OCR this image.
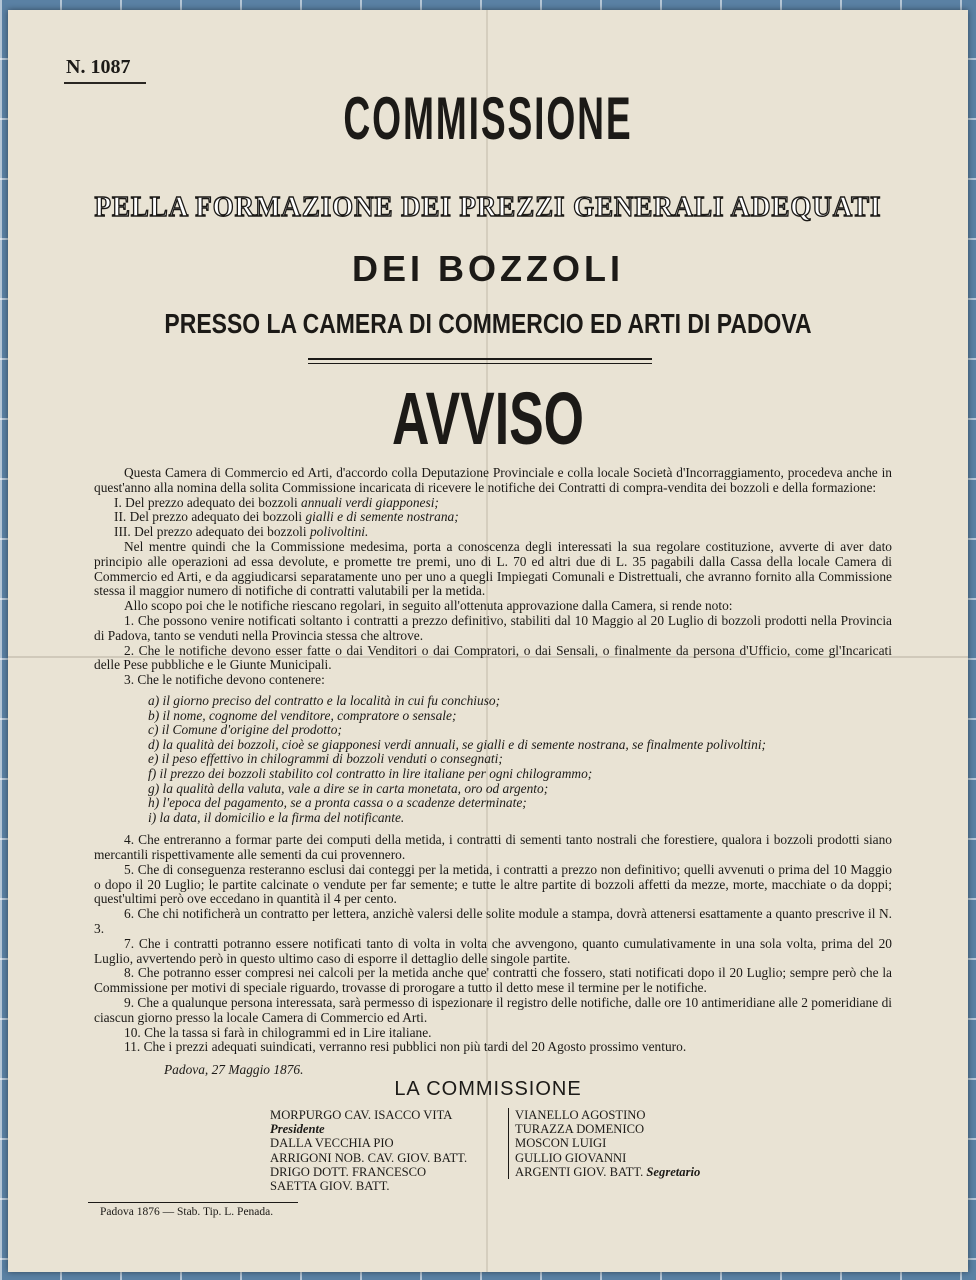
N. 1087
COMMISSIONE
PELLA FORMAZIONE DEI PREZZI GENERALI ADEQUATI
DEI BOZZOLI
PRESSO LA CAMERA DI COMMERCIO ED ARTI DI PADOVA
AVVISO

Questa Camera di Commercio ed Arti, d'accordo colla Deputazione Provinciale e colla locale Società d'Incorraggiamento, procedeva anche in quest'anno alla nomina della solita Commissione incaricata di ricevere le notifiche dei Contratti di compra-vendita dei bozzoli e della formazione:

I. Del prezzo adequato dei bozzoli annuali verdi giapponesi;

II. Del prezzo adequato dei bozzoli gialli e di semente nostrana;

III. Del prezzo adequato dei bozzoli polivoltini.

Nel mentre quindi che la Commissione medesima, porta a conoscenza degli interessati la sua regolare costituzione, avverte di aver dato principio alle operazioni ad essa devolute, e promette tre premi, uno di L. 70 ed altri due di L. 35 pagabili dalla Cassa della locale Camera di Commercio ed Arti, e da aggiudicarsi separatamente uno per uno a quegli Impiegati Comunali e Distrettuali, che avranno fornito alla Commissione stessa il maggior numero di notifiche di contratti valutabili per la metida.

Allo scopo poi che le notifiche riescano regolari, in seguito all'ottenuta approvazione dalla Camera, si rende noto:

1. Che possono venire notificati soltanto i contratti a prezzo definitivo, stabiliti dal 10 Maggio al 20 Luglio di bozzoli prodotti nella Provincia di Padova, tanto se venduti nella Provincia stessa che altrove.

2. Che le notifiche devono esser fatte o dai Venditori o dai Compratori, o dai Sensali, o finalmente da persona d'Ufficio, come gl'Incaricati delle Pese pubbliche e le Giunte Municipali.

3. Che le notifiche devono contenere:

a) il giorno preciso del contratto e la località in cui fu conchiuso;

b) il nome, cognome del venditore, compratore o sensale;

c) il Comune d'origine del prodotto;

d) la qualità dei bozzoli, cioè se giapponesi verdi annuali, se gialli e di semente nostrana, se finalmente polivoltini;

e) il peso effettivo in chilogrammi di bozzoli venduti o consegnati;

f) il prezzo dei bozzoli stabilito col contratto in lire italiane per ogni chilogrammo;

g) la qualità della valuta, vale a dire se in carta monetata, oro od argento;

h) l'epoca del pagamento, se a pronta cassa o a scadenze determinate;

i) la data, il domicilio e la firma del notificante.

4. Che entreranno a formar parte dei computi della metida, i contratti di sementi tanto nostrali che forestiere, qualora i bozzoli prodotti siano mercantili rispettivamente alle sementi da cui provennero.

5. Che di conseguenza resteranno esclusi dai conteggi per la metida, i contratti a prezzo non definitivo; quelli avvenuti o prima del 10 Maggio o dopo il 20 Luglio; le partite calcinate o vendute per far semente; e tutte le altre partite di bozzoli affetti da mezze, morte, macchiate o da doppi; quest'ultimi però ove eccedano in quantità il 4 per cento.

6. Che chi notificherà un contratto per lettera, anzichè valersi delle solite module a stampa, dovrà attenersi esattamente a quanto prescrive il N. 3.

7. Che i contratti potranno essere notificati tanto di volta in volta che avvengono, quanto cumulativamente in una sola volta, prima del 20 Luglio, avvertendo però in questo ultimo caso di esporre il dettaglio delle singole partite.

8. Che potranno esser compresi nei calcoli per la metida anche que' contratti che fossero, stati notificati dopo il 20 Luglio; sempre però che la Commissione per motivi di speciale riguardo, trovasse di prorogare a tutto il detto mese il termine per le notifiche.

9. Che a qualunque persona interessata, sarà permesso di ispezionare il registro delle notifiche, dalle ore 10 antimeridiane alle 2 pomeridiane di ciascun giorno presso la locale Camera di Commercio ed Arti.

10. Che la tassa si farà in chilogrammi ed in Lire italiane.

11. Che i prezzi adequati suindicati, verranno resi pubblici non più tardi del 20 Agosto prossimo venturo.

Padova, 27 Maggio 1876.

LA COMMISSIONE
MORPURGO CAV. ISACCO VITA Presidente
DALLA VECCHIA PIO
ARRIGONI NOB. CAV. GIOV. BATT.
DRIGO DOTT. FRANCESCO
SAETTA GIOV. BATT.
VIANELLO AGOSTINO
TURAZZA DOMENICO
MOSCON LUIGI
GULLIO GIOVANNI
ARGENTI GIOV. BATT. Segretario
Padova 1876 — Stab. Tip. L. Penada.
